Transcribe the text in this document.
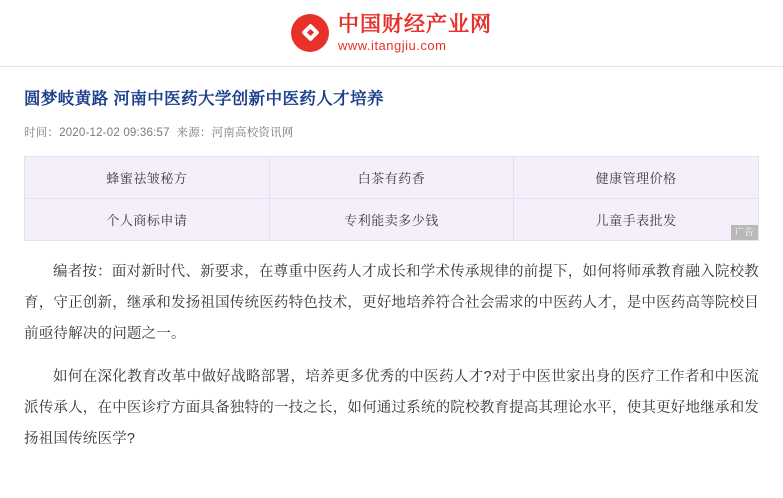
中国财经产业网
www.itangjiu.com
圆梦岐黄路 河南中医药大学创新中医药人才培养
时间：2020-12-02 09:36:57 来源：河南高校资讯网
蜂蜜祛皱秘方	白茶有药香	健康管理价格
个人商标申请	专利能卖多少钱	儿童手表批发
广告

编者按：面对新时代、新要求，在尊重中医药人才成长和学术传承规律的前提下，如何将师承教育融入院校教育，守正创新，继承和发扬祖国传统医药特色技术，更好地培养符合社会需求的中医药人才，是中医药高等院校目前亟待解决的问题之一。

如何在深化教育改革中做好战略部署，培养更多优秀的中医药人才?对于中医世家出身的医疗工作者和中医流派传承人，在中医诊疗方面具备独特的一技之长，如何通过系统的院校教育提高其理论水平，使其更好地继承和发扬祖国传统医学?
